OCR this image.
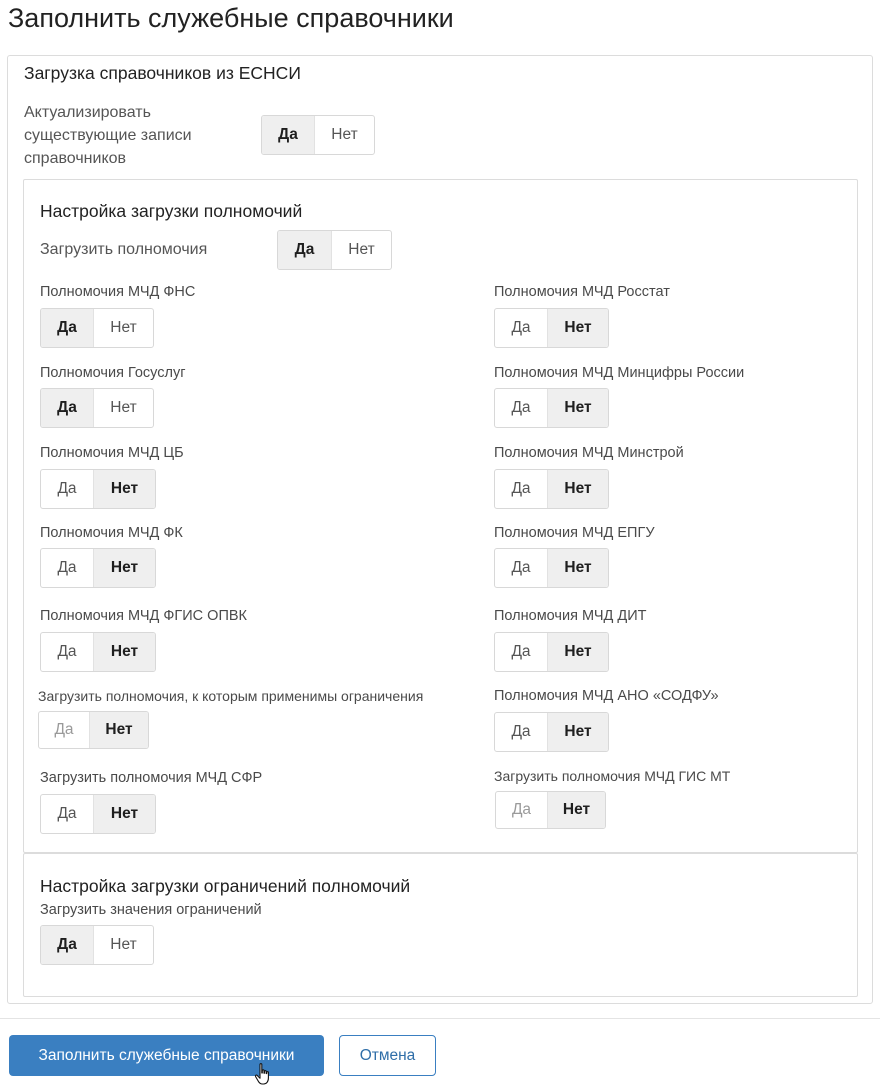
Заполнить служебные справочники
Загрузка справочников из ЕСНСИ
Актуализировать
существующие записи
справочников
Да	Нет
Настройка загрузки полномочий
Загрузить полномочия	Да	Нет
Полномочия МЧД ФНС
Да	Нет
Полномочия Госуслуг
Да	Нет
Полномочия МЧД ЦБ
Да	Нет
Полномочия МЧД ФК
Да	Нет
Полномочия МЧД ФГИС ОПВК
Да	Нет
Загрузить полномочия, к которым применимы ограничения
Да	Нет
Загрузить полномочия МЧД СФР
Да	Нет
Полномочия МЧД Росстат
Да	Нет
Полномочия МЧД Минцифры России
Да	Нет
Полномочия МЧД Минстрой
Да	Нет
Полномочия МЧД ЕПГУ
Да	Нет
Полномочия МЧД ДИТ
Да	Нет
Полномочия МЧД АНО «СОДФУ»
Да	Нет
Загрузить полномочия МЧД ГИС МТ
Да	Нет
Настройка загрузки ограничений полномочий
Загрузить значения ограничений
Да	Нет
Заполнить служебные справочники	Отмена
